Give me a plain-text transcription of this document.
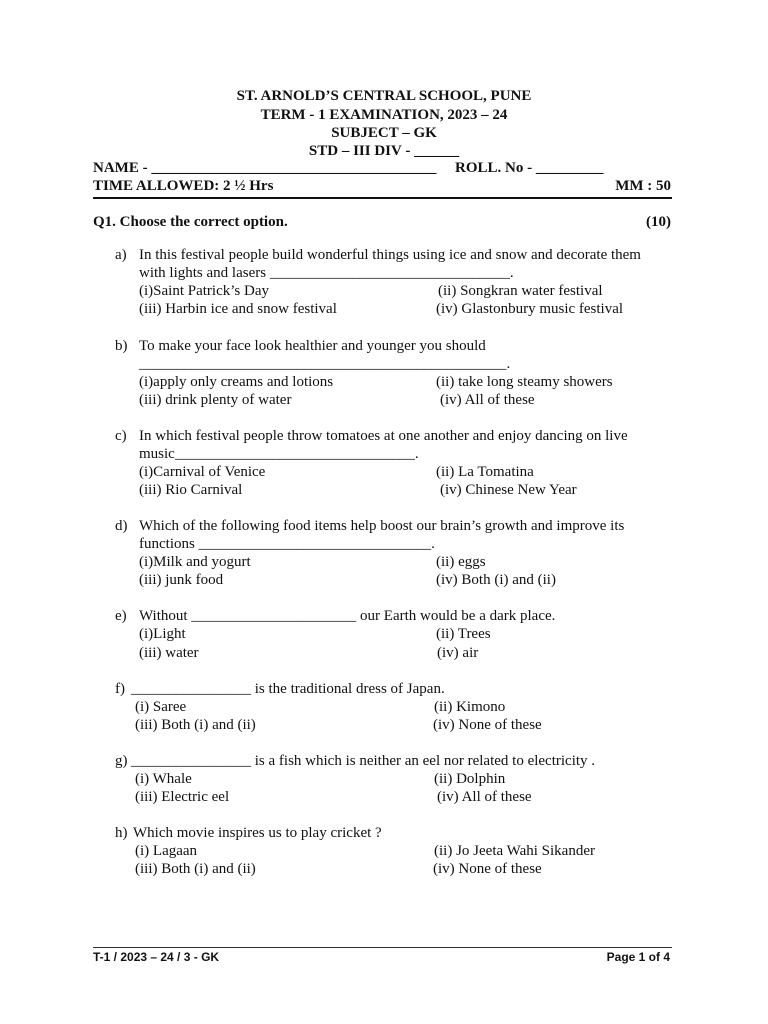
ST. ARNOLD’S CENTRAL SCHOOL, PUNE
TERM - 1 EXAMINATION, 2023 – 24
SUBJECT – GK
STD – III DIV - ______
NAME - ______________________________________ ROLL. No - _________
TIME ALLOWED: 2 ½ Hrs	MM : 50
Q1. Choose the correct option.	(10)
a) In this festival people build wonderful things using ice and snow and decorate them
with lights and lasers ________________________________.
(i)Saint Patrick’s Day	(ii) Songkran water festival
(iii) Harbin ice and snow festival	(iv) Glastonbury music festival
b) To make your face look healthier and younger you should
_________________________________________________.
(i)apply only creams and lotions	(ii) take long steamy showers
(iii) drink plenty of water	(iv) All of these
c) In which festival people throw tomatoes at one another and enjoy dancing on live
music________________________________.
(i)Carnival of Venice	(ii) La Tomatina
(iii) Rio Carnival	(iv) Chinese New Year
d) Which of the following food items help boost our brain’s growth and improve its
functions _______________________________.
(i)Milk and yogurt	(ii) eggs
(iii) junk food	(iv) Both (i) and (ii)
e) Without ______________________ our Earth would be a dark place.
(i)Light	(ii) Trees
(iii) water	(iv) air
f) ________________ is the traditional dress of Japan.
(i) Saree	(ii) Kimono
(iii) Both (i) and (ii)	(iv) None of these
g) ________________ is a fish which is neither an eel nor related to electricity .
(i) Whale	(ii) Dolphin
(iii) Electric eel	(iv) All of these
h) Which movie inspires us to play cricket ?
(i) Lagaan	(ii) Jo Jeeta Wahi Sikander
(iii) Both (i) and (ii)	(iv) None of these
T-1 / 2023 – 24 / 3 - GK	Page 1 of 4
